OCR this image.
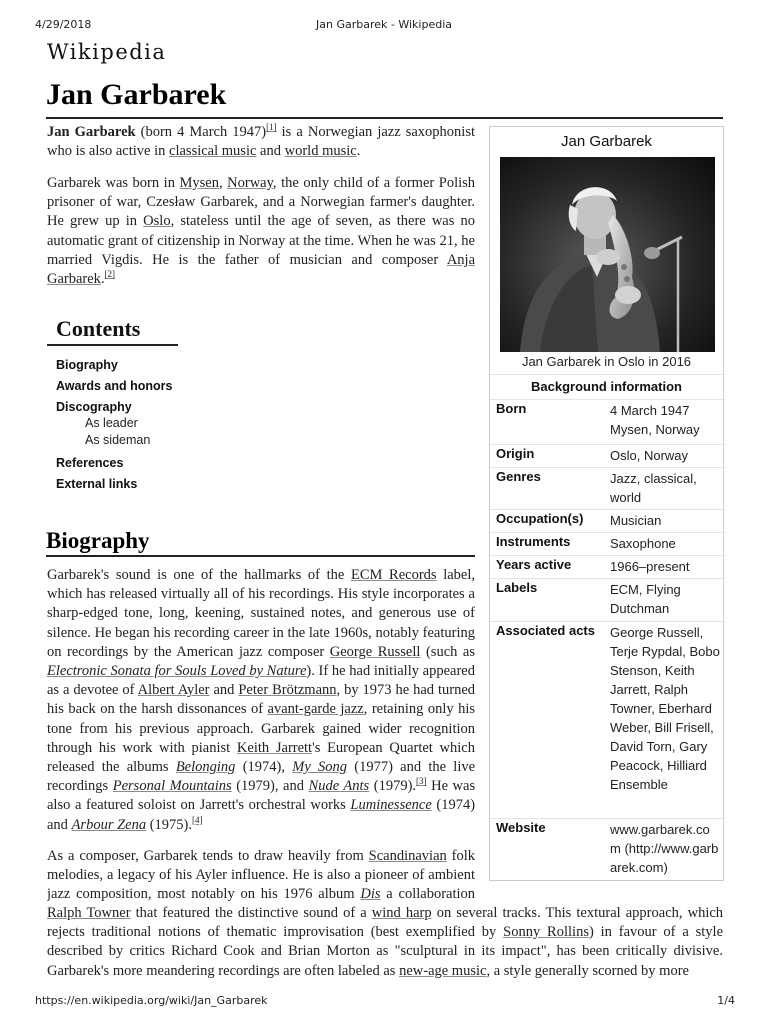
4/29/2018	Jan Garbarek - Wikipedia
Wikipedia
Jan Garbarek
Jan Garbarek (born 4 March 1947)[1] is a Norwegian jazz saxophonist who is also active in classical music and world music.
Garbarek was born in Mysen, Norway, the only child of a former Polish prisoner of war, Czesław Garbarek, and a Norwegian farmer's daughter. He grew up in Oslo, stateless until the age of seven, as there was no automatic grant of citizenship in Norway at the time. When he was 21, he married Vigdis. He is the father of musician and composer Anja Garbarek.[2]
Contents
Biography
Awards and honors
Discography
As leader
As sideman
References
External links
Biography
Garbarek's sound is one of the hallmarks of the ECM Records label, which has released virtually all of his recordings. His style incorporates a sharp-edged tone, long, keening, sustained notes, and generous use of silence. He began his recording career in the late 1960s, notably featuring on recordings by the American jazz composer George Russell (such as Electronic Sonata for Souls Loved by Nature). If he had initially appeared as a devotee of Albert Ayler and Peter Brötzmann, by 1973 he had turned his back on the harsh dissonances of avant-garde jazz, retaining only his tone from his previous approach. Garbarek gained wider recognition through his work with pianist Keith Jarrett's European Quartet which released the albums Belonging (1974), My Song (1977) and the live recordings Personal Mountains (1979), and Nude Ants (1979).[3] He was also a featured soloist on Jarrett's orchestral works Luminessence (1974) and Arbour Zena (1975).[4]
As a composer, Garbarek tends to draw heavily from Scandinavian folk melodies, a legacy of his Ayler influence. He is also a pioneer of ambient jazz composition, most notably on his 1976 album Dis a collaboration
Ralph Towner that featured the distinctive sound of a wind harp on several tracks. This textural approach, which rejects traditional notions of thematic improvisation (best exemplified by Sonny Rollins) in favour of a style described by critics Richard Cook and Brian Morton as "sculptural in its impact", has been critically divisive. Garbarek's more meandering recordings are often labeled as new-age music, a style generally scorned by more
Jan Garbarek
Jan Garbarek in Oslo in 2016
Background information
Born	4 March 1947
Mysen, Norway
Origin	Oslo, Norway
Genres	Jazz, classical, world
Occupation(s) Musician
Instruments	Saxophone
Years active	1966–present
Labels	ECM, Flying Dutchman
Associated acts George Russell, Terje Rypdal, Bobo Stenson, Keith Jarrett, Ralph Towner, Eberhard Weber, Bill Frisell, David Torn, Gary Peacock, Hilliard Ensemble
Website	www.garbarek.com (http://www.garbarek.com)
https://en.wikipedia.org/wiki/Jan_Garbarek	1/4
